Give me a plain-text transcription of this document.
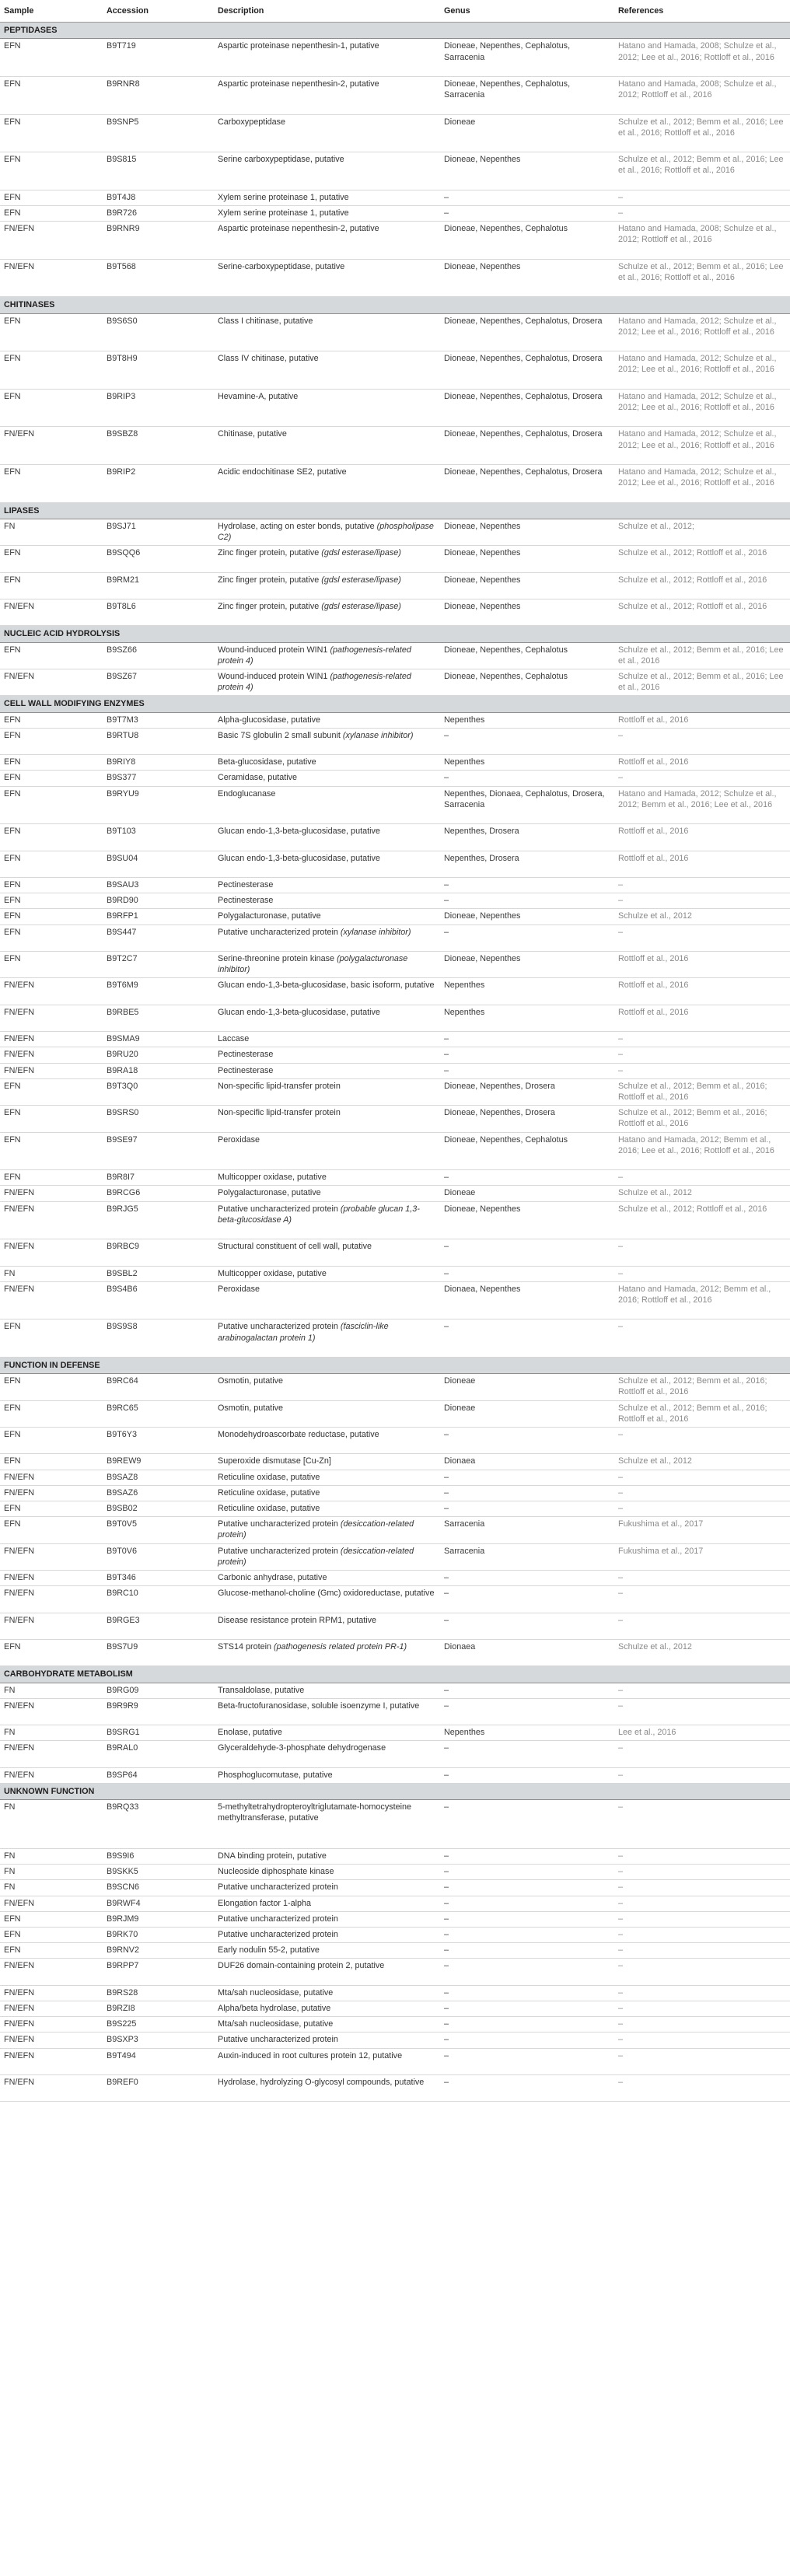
Sample	Accession	Description	Genus	References
PEPTIDASES				
EFN	B9T719	Aspartic proteinase nepenthesin-1, putative	Dioneae, Nepenthes, Cephalotus, Sarracenia	Hatano and Hamada, 2008; Schulze et al., 2012; Lee et al., 2016; Rottloff et al., 2016
EFN	B9RNR8	Aspartic proteinase nepenthesin-2, putative	Dioneae, Nepenthes, Cephalotus, Sarracenia	Hatano and Hamada, 2008; Schulze et al., 2012; Rottloff et al., 2016
EFN	B9SNP5	Carboxypeptidase	Dioneae	Schulze et al., 2012; Bemm et al., 2016; Lee et al., 2016; Rottloff et al., 2016
EFN	B9S815	Serine carboxypeptidase, putative	Dioneae, Nepenthes	Schulze et al., 2012; Bemm et al., 2016; Lee et al., 2016; Rottloff et al., 2016
EFN	B9T4J8	Xylem serine proteinase 1, putative	–	–
EFN	B9R726	Xylem serine proteinase 1, putative	–	–
FN/EFN	B9RNR9	Aspartic proteinase nepenthesin-2, putative	Dioneae, Nepenthes, Cephalotus	Hatano and Hamada, 2008; Schulze et al., 2012; Rottloff et al., 2016
FN/EFN	B9T568	Serine-carboxypeptidase, putative	Dioneae, Nepenthes	Schulze et al., 2012; Bemm et al., 2016; Lee et al., 2016; Rottloff et al., 2016
CHITINASES				
EFN	B9S6S0	Class I chitinase, putative	Dioneae, Nepenthes, Cephalotus, Drosera	Hatano and Hamada, 2012; Schulze et al., 2012; Lee et al., 2016; Rottloff et al., 2016
EFN	B9T8H9	Class IV chitinase, putative	Dioneae, Nepenthes, Cephalotus, Drosera	Hatano and Hamada, 2012; Schulze et al., 2012; Lee et al., 2016; Rottloff et al., 2016
EFN	B9RIP3	Hevamine-A, putative	Dioneae, Nepenthes, Cephalotus, Drosera	Hatano and Hamada, 2012; Schulze et al., 2012; Lee et al., 2016; Rottloff et al., 2016
FN/EFN	B9SBZ8	Chitinase, putative	Dioneae, Nepenthes, Cephalotus, Drosera	Hatano and Hamada, 2012; Schulze et al., 2012; Lee et al., 2016; Rottloff et al., 2016
EFN	B9RIP2	Acidic endochitinase SE2, putative	Dioneae, Nepenthes, Cephalotus, Drosera	Hatano and Hamada, 2012; Schulze et al., 2012; Lee et al., 2016; Rottloff et al., 2016
LIPASES				
FN	B9SJ71	Hydrolase, acting on ester bonds, putative (phospholipase C2)	Dioneae, Nepenthes	Schulze et al., 2012;
EFN	B9SQQ6	Zinc finger protein, putative (gdsl esterase/lipase)	Dioneae, Nepenthes	Schulze et al., 2012; Rottloff et al., 2016
EFN	B9RM21	Zinc finger protein, putative (gdsl esterase/lipase)	Dioneae, Nepenthes	Schulze et al., 2012; Rottloff et al., 2016
FN/EFN	B9T8L6	Zinc finger protein, putative (gdsl esterase/lipase)	Dioneae, Nepenthes	Schulze et al., 2012; Rottloff et al., 2016
NUCLEIC ACID HYDROLYSIS				
EFN	B9SZ66	Wound-induced protein WIN1 (pathogenesis-related protein 4)	Dioneae, Nepenthes, Cephalotus	Schulze et al., 2012; Bemm et al., 2016; Lee et al., 2016
FN/EFN	B9SZ67	Wound-induced protein WIN1 (pathogenesis-related protein 4)	Dioneae, Nepenthes, Cephalotus	Schulze et al., 2012; Bemm et al., 2016; Lee et al., 2016
CELL WALL MODIFYING ENZYMES				
EFN	B9T7M3	Alpha-glucosidase, putative	Nepenthes	Rottloff et al., 2016
EFN	B9RTU8	Basic 7S globulin 2 small subunit (xylanase inhibitor)	–	–
EFN	B9RIY8	Beta-glucosidase, putative	Nepenthes	Rottloff et al., 2016
EFN	B9S377	Ceramidase, putative	–	–
EFN	B9RYU9	Endoglucanase	Nepenthes, Dionaea, Cephalotus, Drosera, Sarracenia	Hatano and Hamada, 2012; Schulze et al., 2012; Bemm et al., 2016; Lee et al., 2016
EFN	B9T103	Glucan endo-1,3-beta-glucosidase, putative	Nepenthes, Drosera	Rottloff et al., 2016
EFN	B9SU04	Glucan endo-1,3-beta-glucosidase, putative	Nepenthes, Drosera	Rottloff et al., 2016
EFN	B9SAU3	Pectinesterase	–	–
EFN	B9RD90	Pectinesterase	–	–
EFN	B9RFP1	Polygalacturonase, putative	Dioneae, Nepenthes	Schulze et al., 2012
EFN	B9S447	Putative uncharacterized protein (xylanase inhibitor)	–	–
EFN	B9T2C7	Serine-threonine protein kinase (polygalacturonase inhibitor)	Dioneae, Nepenthes	Rottloff et al., 2016
FN/EFN	B9T6M9	Glucan endo-1,3-beta-glucosidase, basic isoform, putative	Nepenthes	Rottloff et al., 2016
FN/EFN	B9RBE5	Glucan endo-1,3-beta-glucosidase, putative	Nepenthes	Rottloff et al., 2016
FN/EFN	B9SMA9	Laccase	–	–
FN/EFN	B9RU20	Pectinesterase	–	–
FN/EFN	B9RA18	Pectinesterase	–	–
EFN	B9T3Q0	Non-specific lipid-transfer protein	Dioneae, Nepenthes, Drosera	Schulze et al., 2012; Bemm et al., 2016; Rottloff et al., 2016
EFN	B9SRS0	Non-specific lipid-transfer protein	Dioneae, Nepenthes, Drosera	Schulze et al., 2012; Bemm et al., 2016; Rottloff et al., 2016
EFN	B9SE97	Peroxidase	Dioneae, Nepenthes, Cephalotus	Hatano and Hamada, 2012; Bemm et al., 2016; Lee et al., 2016; Rottloff et al., 2016
EFN	B9R8I7	Multicopper oxidase, putative	–	–
FN/EFN	B9RCG6	Polygalacturonase, putative	Dioneae	Schulze et al., 2012
FN/EFN	B9RJG5	Putative uncharacterized protein (probable glucan 1,3-beta-glucosidase A)	Dioneae, Nepenthes	Schulze et al., 2012; Rottloff et al., 2016
FN/EFN	B9RBC9	Structural constituent of cell wall, putative	–	–
FN	B9SBL2	Multicopper oxidase, putative	–	–
FN/EFN	B9S4B6	Peroxidase	Dionaea, Nepenthes	Hatano and Hamada, 2012; Bemm et al., 2016; Rottloff et al., 2016
EFN	B9S9S8	Putative uncharacterized protein (fasciclin-like arabinogalactan protein 1)	–	–
FUNCTION IN DEFENSE				
EFN	B9RC64	Osmotin, putative	Dioneae	Schulze et al., 2012; Bemm et al., 2016; Rottloff et al., 2016
EFN	B9RC65	Osmotin, putative	Dioneae	Schulze et al., 2012; Bemm et al., 2016; Rottloff et al., 2016
EFN	B9T6Y3	Monodehydroascorbate reductase, putative	–	–
EFN	B9REW9	Superoxide dismutase [Cu-Zn]	Dionaea	Schulze et al., 2012
FN/EFN	B9SAZ8	Reticuline oxidase, putative	–	–
FN/EFN	B9SAZ6	Reticuline oxidase, putative	–	–
EFN	B9SB02	Reticuline oxidase, putative	–	–
EFN	B9T0V5	Putative uncharacterized protein (desiccation-related protein)	Sarracenia	Fukushima et al., 2017
FN/EFN	B9T0V6	Putative uncharacterized protein (desiccation-related protein)	Sarracenia	Fukushima et al., 2017
FN/EFN	B9T346	Carbonic anhydrase, putative	–	–
FN/EFN	B9RC10	Glucose-methanol-choline (Gmc) oxidoreductase, putative	–	–
FN/EFN	B9RGE3	Disease resistance protein RPM1, putative	–	–
EFN	B9S7U9	STS14 protein (pathogenesis related protein PR-1)	Dionaea	Schulze et al., 2012
CARBOHYDRATE METABOLISM				
FN	B9RG09	Transaldolase, putative	–	–
FN/EFN	B9R9R9	Beta-fructofuranosidase, soluble isoenzyme I, putative	–	–
FN	B9SRG1	Enolase, putative	Nepenthes	Lee et al., 2016
FN/EFN	B9RAL0	Glyceraldehyde-3-phosphate dehydrogenase	–	–
FN/EFN	B9SP64	Phosphoglucomutase, putative	–	–
UNKNOWN FUNCTION				
FN	B9RQ33	5-methyltetrahydropteroyltriglutamate-homocysteine methyltransferase, putative	–	–
FN	B9S9I6	DNA binding protein, putative	–	–
FN	B9SKK5	Nucleoside diphosphate kinase	–	–
FN	B9SCN6	Putative uncharacterized protein	–	–
FN/EFN	B9RWF4	Elongation factor 1-alpha	–	–
EFN	B9RJM9	Putative uncharacterized protein	–	–
EFN	B9RK70	Putative uncharacterized protein	–	–
EFN	B9RNV2	Early nodulin 55-2, putative	–	–
FN/EFN	B9RPP7	DUF26 domain-containing protein 2, putative	–	–
FN/EFN	B9RS28	Mta/sah nucleosidase, putative	–	–
FN/EFN	B9RZI8	Alpha/beta hydrolase, putative	–	–
FN/EFN	B9S225	Mta/sah nucleosidase, putative	–	–
FN/EFN	B9SXP3	Putative uncharacterized protein	–	–
FN/EFN	B9T494	Auxin-induced in root cultures protein 12, putative	–	–
FN/EFN	B9REF0	Hydrolase, hydrolyzing O-glycosyl compounds, putative	–	–
